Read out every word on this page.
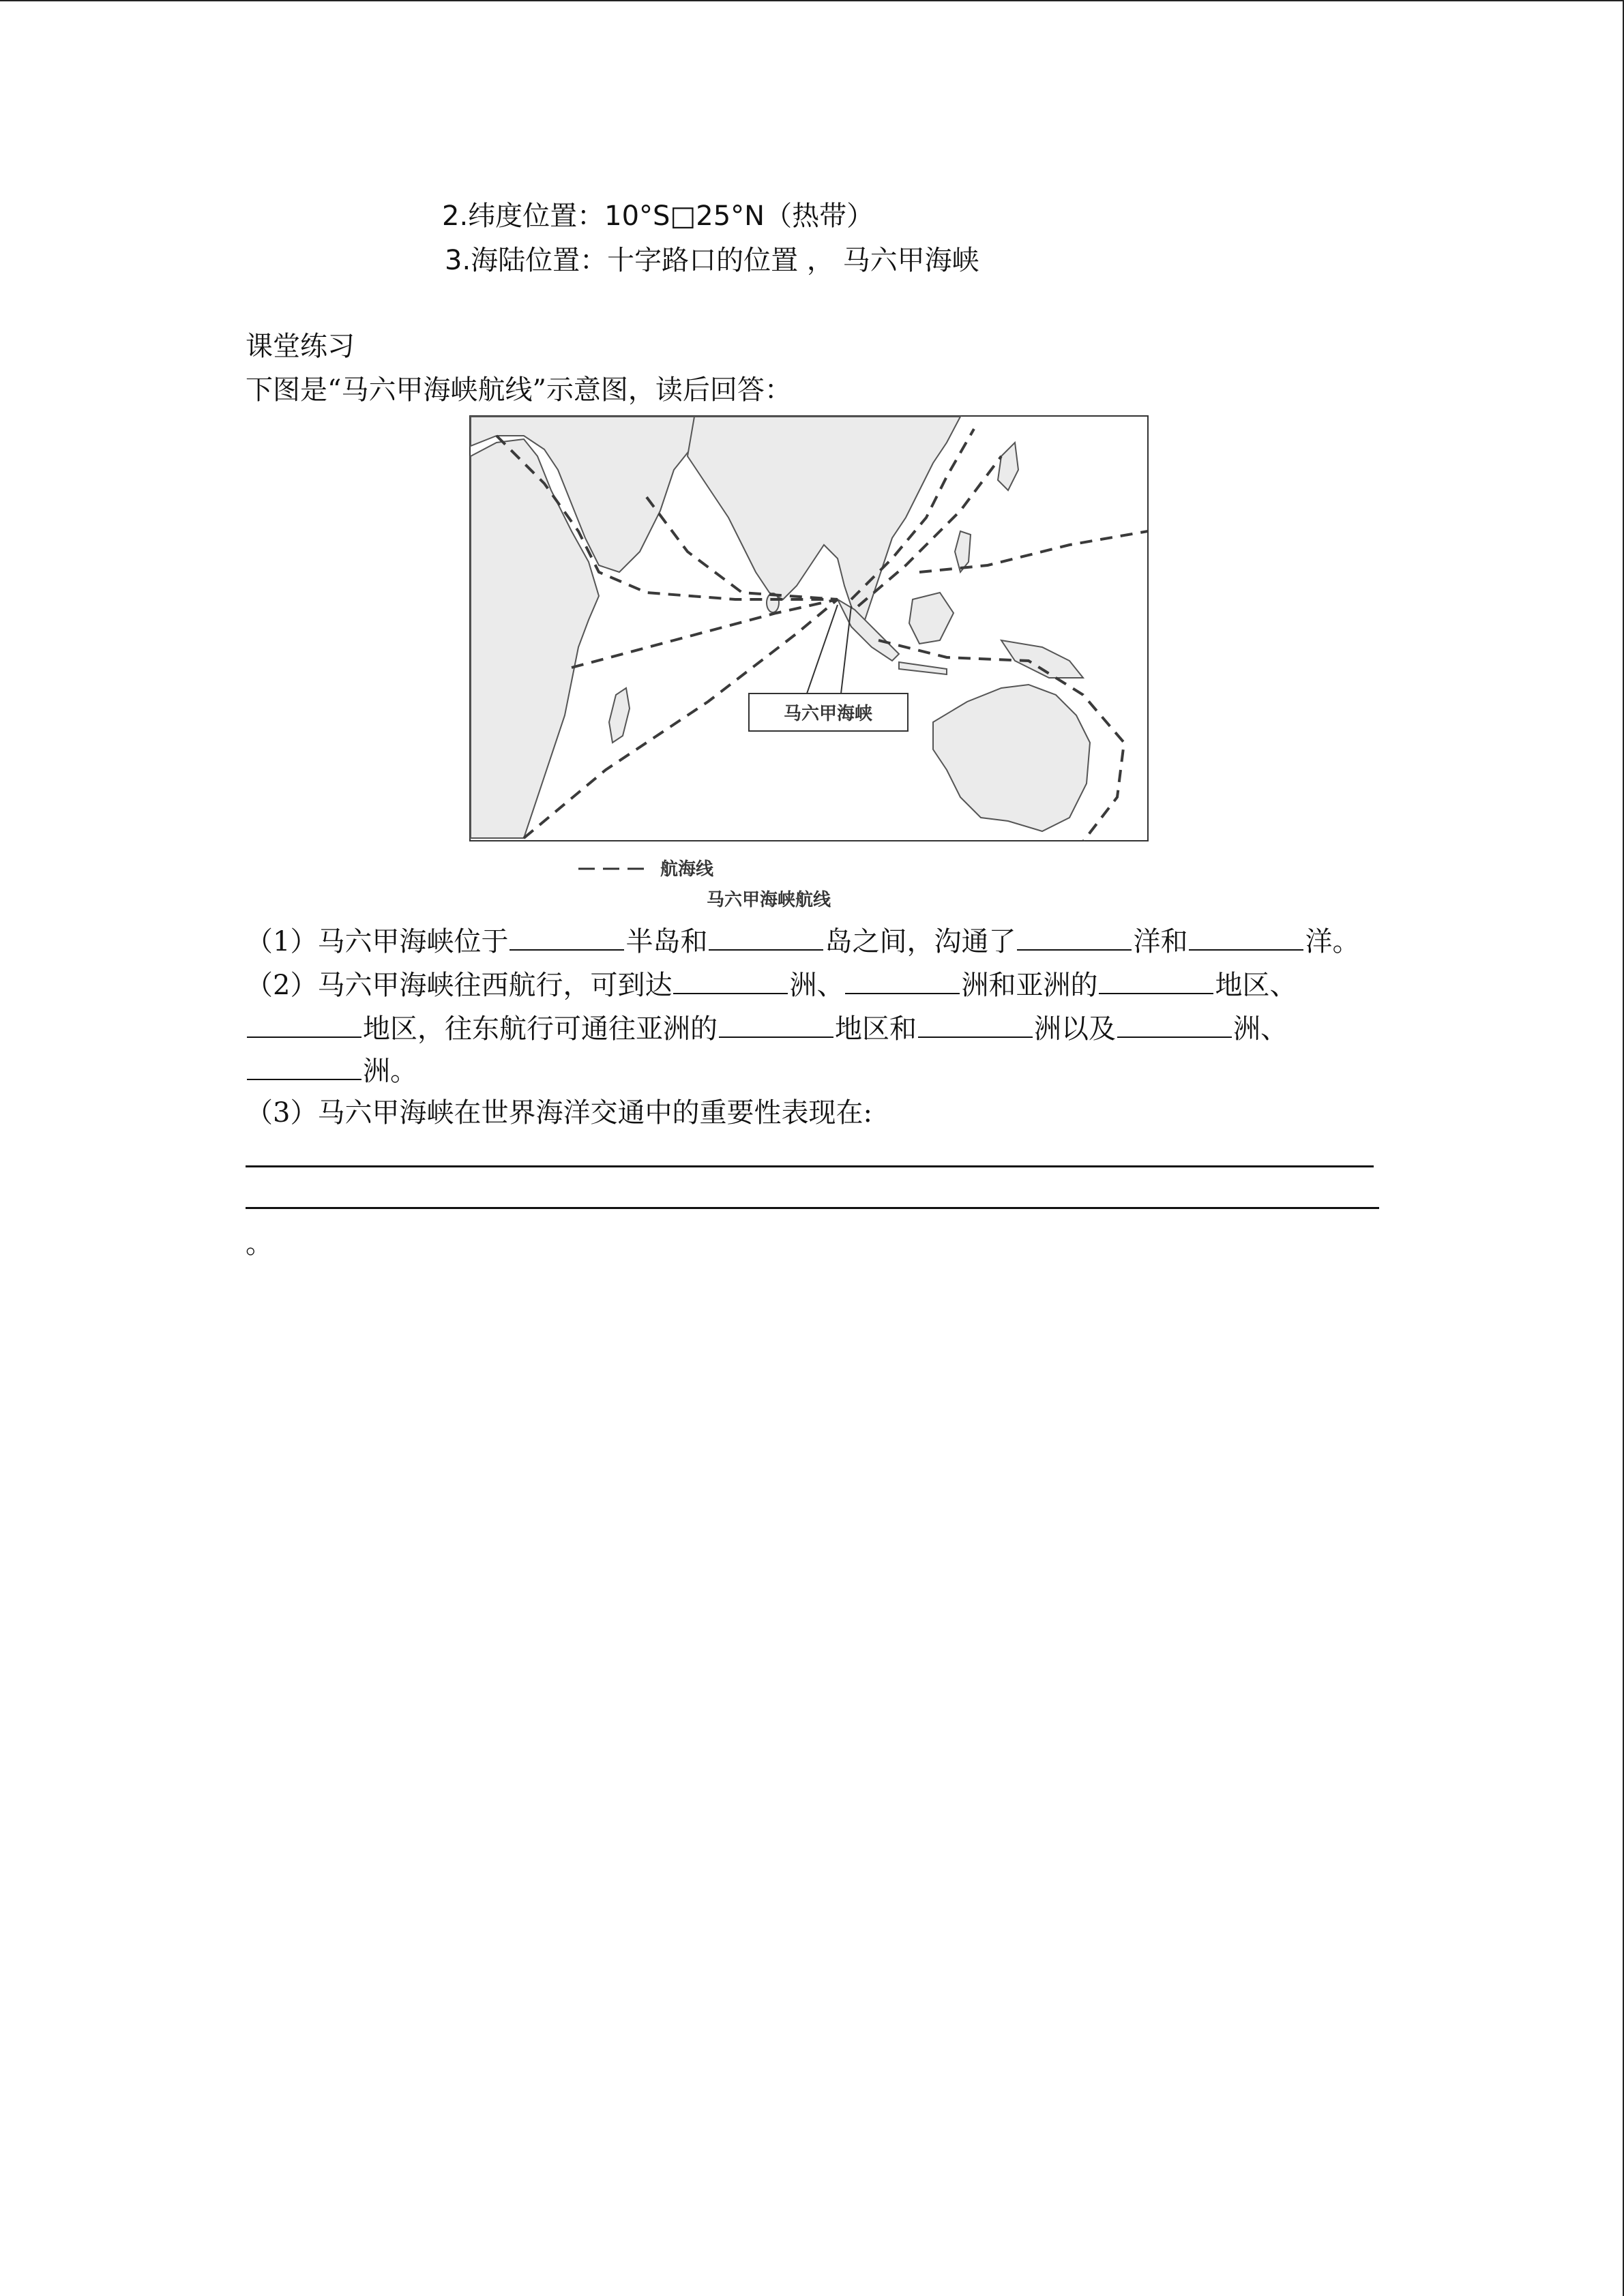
2.纬度位置：10°S□25°N（热带）
3.海陆位置：十字路口的位置 ， 马六甲海峡
课堂练习
下图是“马六甲海峡航线”示意图，读后回答：
马六甲海峡
航海线
马六甲海峡航线
（1）马六甲海峡位于	半岛和	岛之间，沟通了	洋和	洋。
（2）马六甲海峡往西航行，可到达	洲、	洲和亚洲的	地区、
地区，往东航行可通往亚洲的	地区和	洲以及	洲、
洲。
（3）马六甲海峡在世界海洋交通中的重要性表现在:
。
